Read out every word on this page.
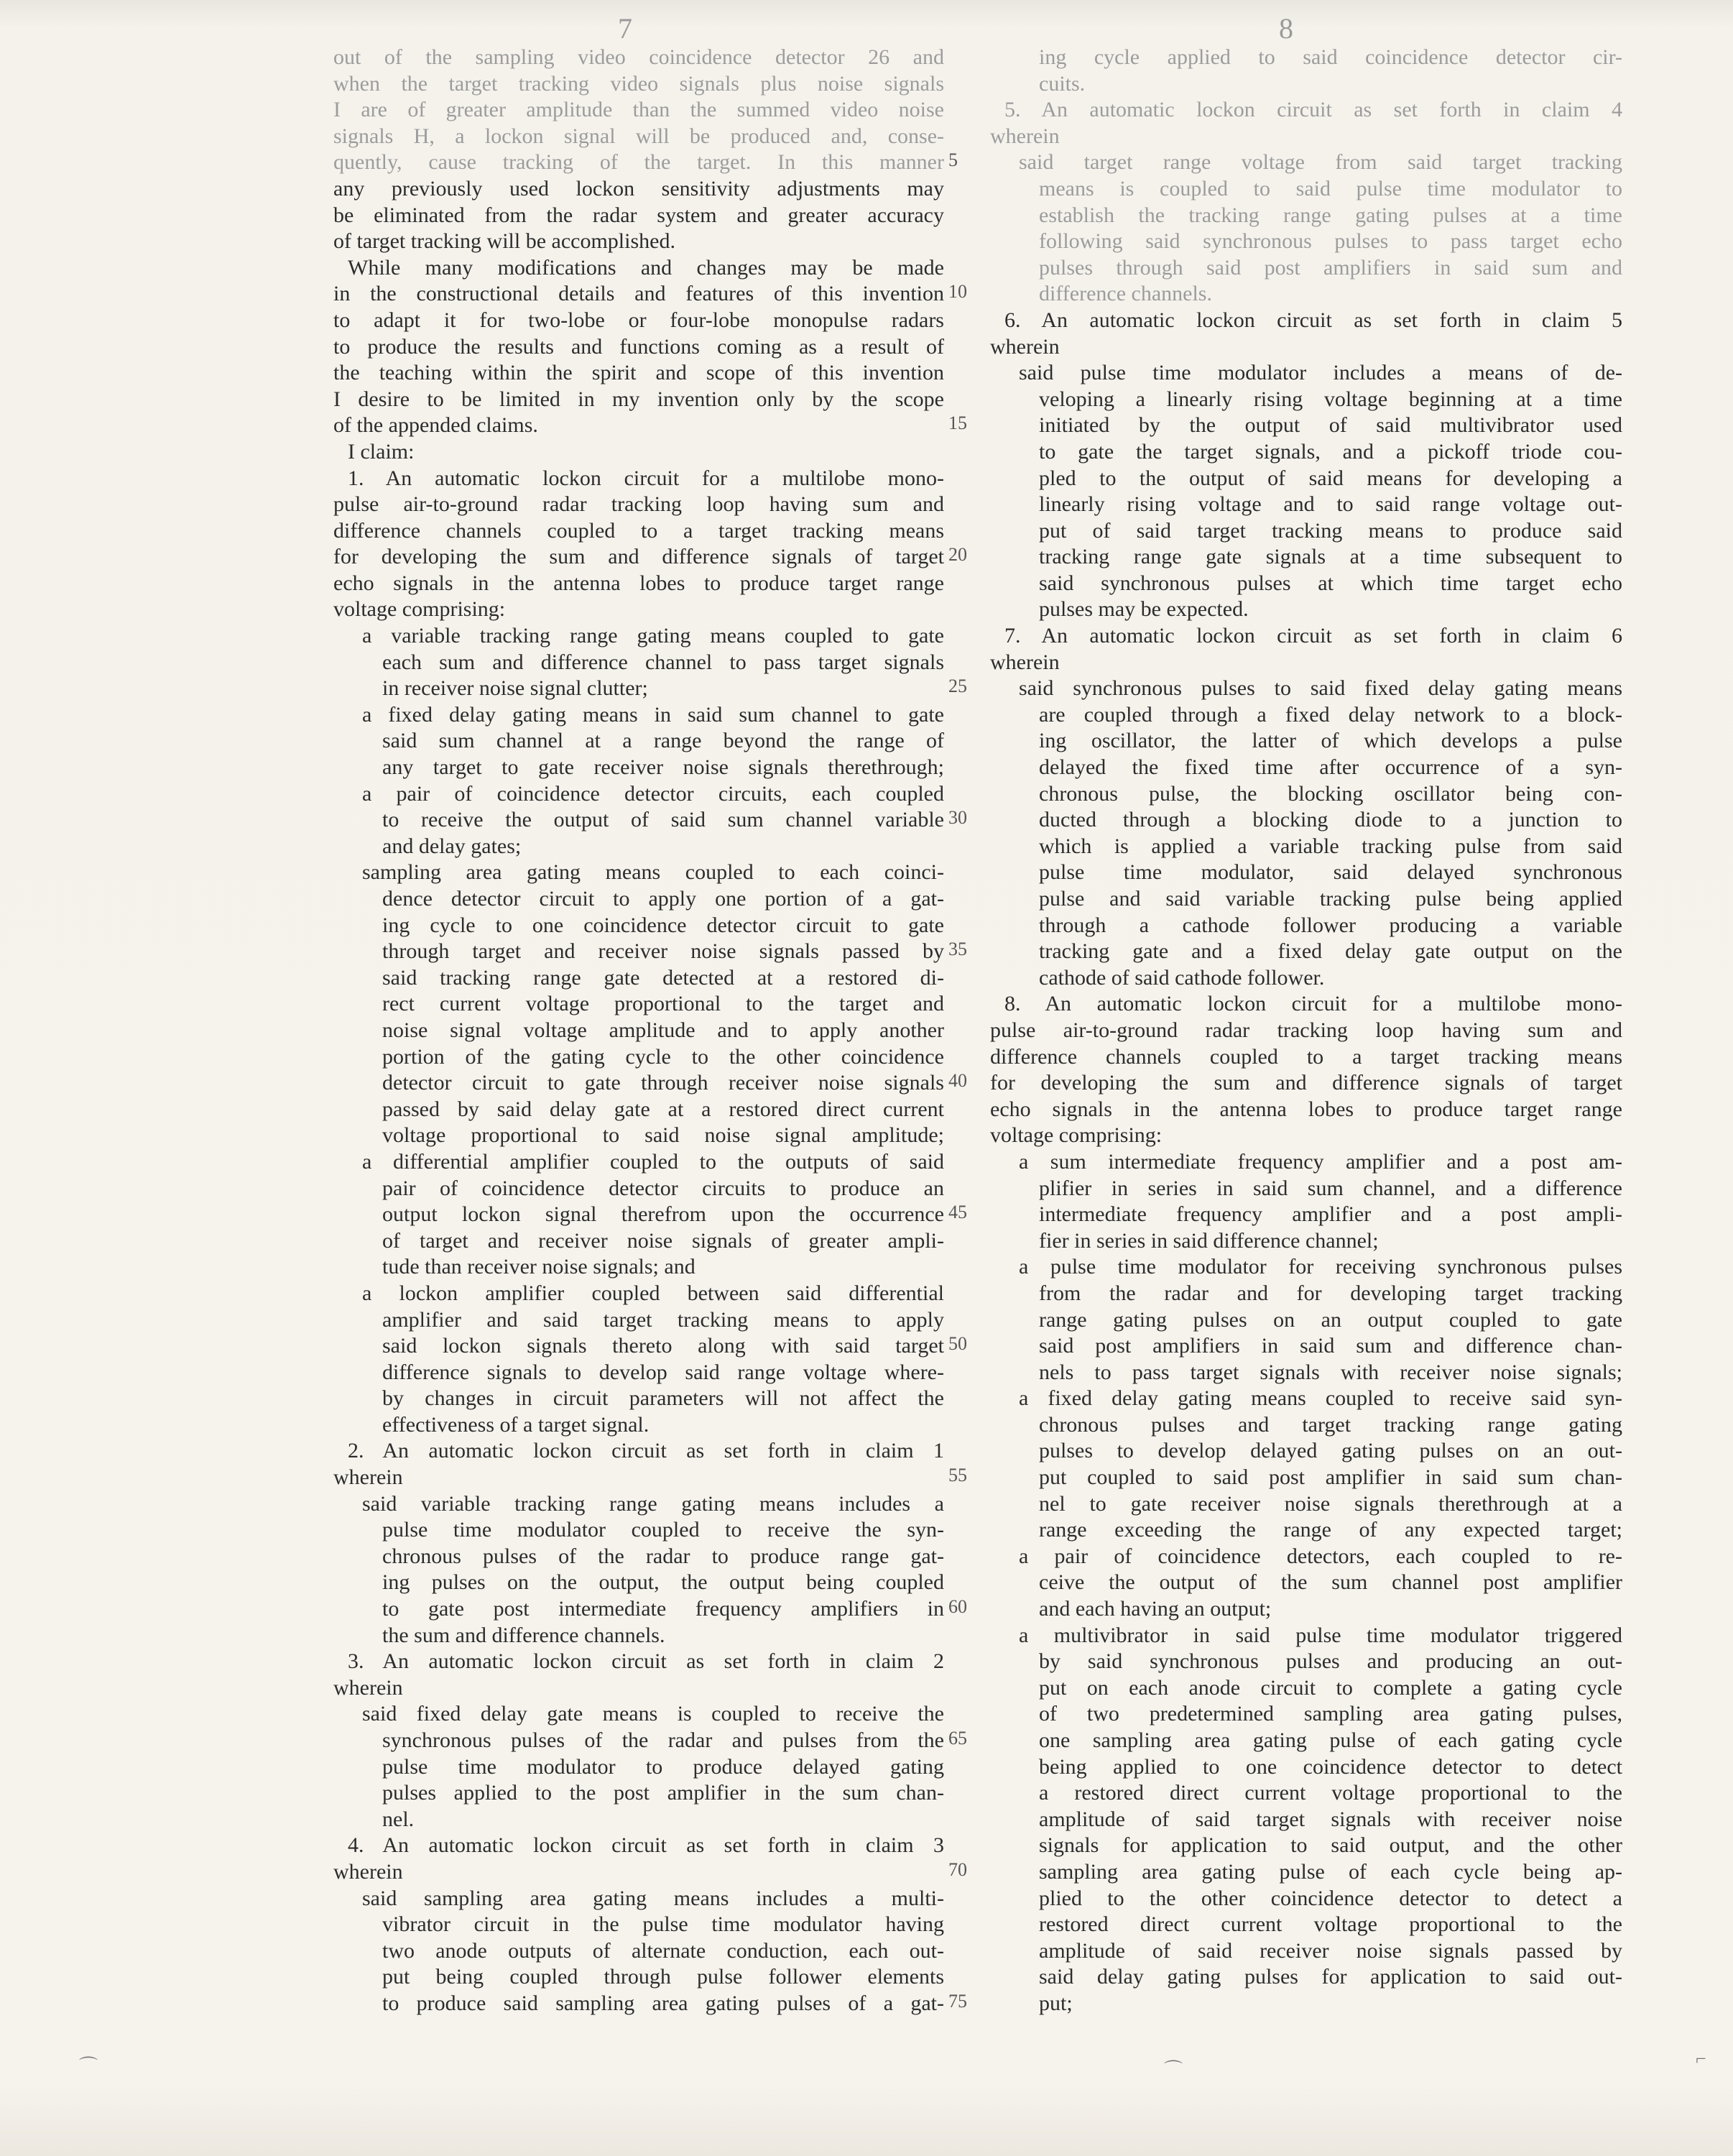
7	8
out of the sampling video coincidence detector 26 and
when the target tracking video signals plus noise signals
I are of greater amplitude than the summed video noise
signals H, a lockon signal will be produced and, conse-
quently, cause tracking of the target. In this manner
any previously used lockon sensitivity adjustments may
be eliminated from the radar system and greater accuracy
of target tracking will be accomplished.
While many modifications and changes may be made
in the constructional details and features of this invention
to adapt it for two-lobe or four-lobe monopulse radars
to produce the results and functions coming as a result of
the teaching within the spirit and scope of this invention
I desire to be limited in my invention only by the scope
of the appended claims.
I claim:
1. An automatic lockon circuit for a multilobe mono-
pulse air-to-ground radar tracking loop having sum and
difference channels coupled to a target tracking means
for developing the sum and difference signals of target
echo signals in the antenna lobes to produce target range
voltage comprising:
a variable tracking range gating means coupled to gate
each sum and difference channel to pass target signals
in receiver noise signal clutter;
a fixed delay gating means in said sum channel to gate
said sum channel at a range beyond the range of
any target to gate receiver noise signals therethrough;
a pair of coincidence detector circuits, each coupled
to receive the output of said sum channel variable
and delay gates;
sampling area gating means coupled to each coinci-
dence detector circuit to apply one portion of a gat-
ing cycle to one coincidence detector circuit to gate
through target and receiver noise signals passed by
said tracking range gate detected at a restored di-
rect current voltage proportional to the target and
noise signal voltage amplitude and to apply another
portion of the gating cycle to the other coincidence
detector circuit to gate through receiver noise signals
passed by said delay gate at a restored direct current
voltage proportional to said noise signal amplitude;
a differential amplifier coupled to the outputs of said
pair of coincidence detector circuits to produce an
output lockon signal therefrom upon the occurrence
of target and receiver noise signals of greater ampli-
tude than receiver noise signals; and
a lockon amplifier coupled between said differential
amplifier and said target tracking means to apply
said lockon signals thereto along with said target
difference signals to develop said range voltage where-
by changes in circuit parameters will not affect the
effectiveness of a target signal.
2. An automatic lockon circuit as set forth in claim 1
wherein
said variable tracking range gating means includes a
pulse time modulator coupled to receive the syn-
chronous pulses of the radar to produce range gat-
ing pulses on the output, the output being coupled
to gate post intermediate frequency amplifiers in
the sum and difference channels.
3. An automatic lockon circuit as set forth in claim 2
wherein
said fixed delay gate means is coupled to receive the
synchronous pulses of the radar and pulses from the
pulse time modulator to produce delayed gating
pulses applied to the post amplifier in the sum chan-
nel.
4. An automatic lockon circuit as set forth in claim 3
wherein
said sampling area gating means includes a multi-
vibrator circuit in the pulse time modulator having
two anode outputs of alternate conduction, each out-
put being coupled through pulse follower elements
to produce said sampling area gating pulses of a gat-
5
10
15
20
25
30
35
40
45
50
55
60
65
70
75
ing cycle applied to said coincidence detector cir-
cuits.
5. An automatic lockon circuit as set forth in claim 4
wherein
said target range voltage from said target tracking
means is coupled to said pulse time modulator to
establish the tracking range gating pulses at a time
following said synchronous pulses to pass target echo
pulses through said post amplifiers in said sum and
difference channels.
6. An automatic lockon circuit as set forth in claim 5
wherein
said pulse time modulator includes a means of de-
veloping a linearly rising voltage beginning at a time
initiated by the output of said multivibrator used
to gate the target signals, and a pickoff triode cou-
pled to the output of said means for developing a
linearly rising voltage and to said range voltage out-
put of said target tracking means to produce said
tracking range gate signals at a time subsequent to
said synchronous pulses at which time target echo
pulses may be expected.
7. An automatic lockon circuit as set forth in claim 6
wherein
said synchronous pulses to said fixed delay gating means
are coupled through a fixed delay network to a block-
ing oscillator, the latter of which develops a pulse
delayed the fixed time after occurrence of a syn-
chronous pulse, the blocking oscillator being con-
ducted through a blocking diode to a junction to
which is applied a variable tracking pulse from said
pulse time modulator, said delayed synchronous
pulse and said variable tracking pulse being applied
through a cathode follower producing a variable
tracking gate and a fixed delay gate output on the
cathode of said cathode follower.
8. An automatic lockon circuit for a multilobe mono-
pulse air-to-ground radar tracking loop having sum and
difference channels coupled to a target tracking means
for developing the sum and difference signals of target
echo signals in the antenna lobes to produce target range
voltage comprising:
a sum intermediate frequency amplifier and a post am-
plifier in series in said sum channel, and a difference
intermediate frequency amplifier and a post ampli-
fier in series in said difference channel;
a pulse time modulator for receiving synchronous pulses
from the radar and for developing target tracking
range gating pulses on an output coupled to gate
said post amplifiers in said sum and difference chan-
nels to pass target signals with receiver noise signals;
a fixed delay gating means coupled to receive said syn-
chronous pulses and target tracking range gating
pulses to develop delayed gating pulses on an out-
put coupled to said post amplifier in said sum chan-
nel to gate receiver noise signals therethrough at a
range exceeding the range of any expected target;
a pair of coincidence detectors, each coupled to re-
ceive the output of the sum channel post amplifier
and each having an output;
a multivibrator in said pulse time modulator triggered
by said synchronous pulses and producing an out-
put on each anode circuit to complete a gating cycle
of two predetermined sampling area gating pulses,
one sampling area gating pulse of each gating cycle
being applied to one coincidence detector to detect
a restored direct current voltage proportional to the
amplitude of said target signals with receiver noise
signals for application to said output, and the other
sampling area gating pulse of each cycle being ap-
plied to the other coincidence detector to detect a
restored direct current voltage proportional to the
amplitude of said receiver noise signals passed by
said delay gating pulses for application to said out-
put;
⌒	⌒
⌐
